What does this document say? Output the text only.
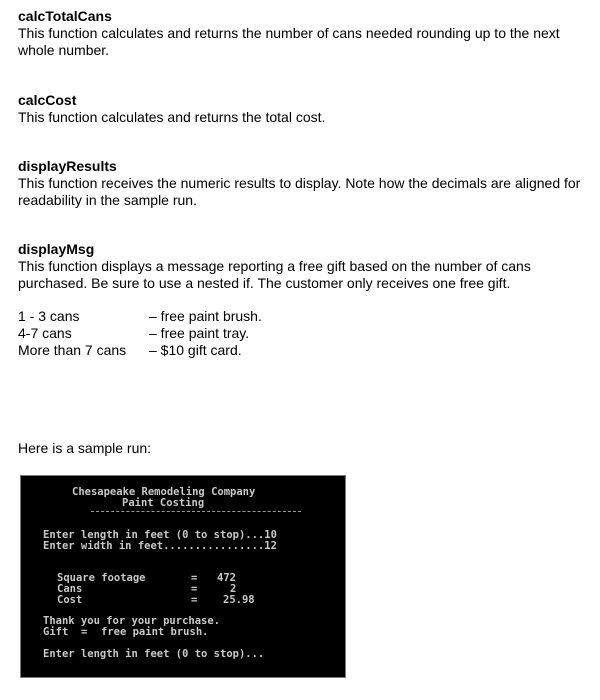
calcTotalCans
This function calculates and returns the number of cans needed rounding up to the next whole number.
calcCost
This function calculates and returns the total cost.
displayResults
This function receives the numeric results to display. Note how the decimals are aligned for readability in the sample run.
displayMsg
This function displays a message reporting a free gift based on the number of cans purchased. Be sure to use a nested if. The customer only receives one free gift.
1 - 3 cans	– free paint brush.
4-7 cans	– free paint tray.
More than 7 cans	– $10 gift card.
Here is a sample run:
Chesapeake Remodeling Company
Paint Costing
Enter length in feet (0 to stop)...10
Enter width in feet................12
Square footage	= 472
Cans	=	2
Cost	= 25.98
Thank you for your purchase.
Gift = free paint brush.
Enter length in feet (0 to stop)...
